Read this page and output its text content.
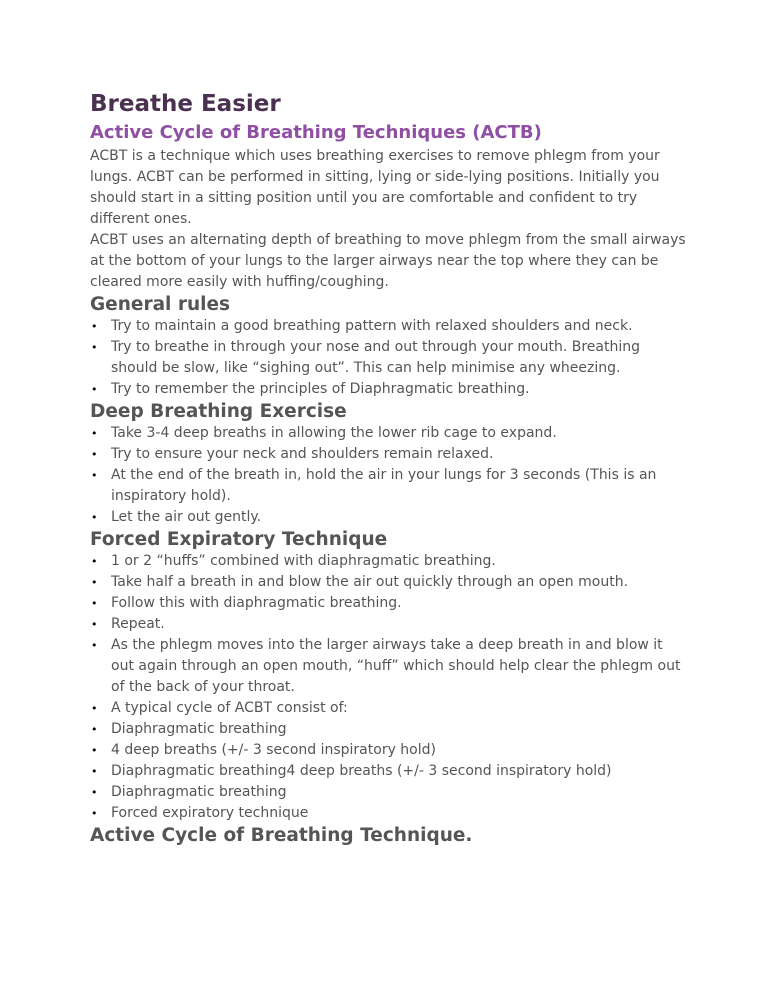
Breathe Easier
Active Cycle of Breathing Techniques (ACTB)

ACBT is a technique which uses breathing exercises to remove phlegm from your lungs. ACBT can be performed in sitting, lying or side-lying positions. Initially you should start in a sitting position until you are comfortable and confident to try different ones.

ACBT uses an alternating depth of breathing to move phlegm from the small airways at the bottom of your lungs to the larger airways near the top where they can be cleared more easily with huffing/coughing.

General rules
• Try to maintain a good breathing pattern with relaxed shoulders and neck.
• Try to breathe in through your nose and out through your mouth. Breathing should be slow, like “sighing out”. This can help minimise any wheezing.
• Try to remember the principles of Diaphragmatic breathing.
Deep Breathing Exercise
• Take 3-4 deep breaths in allowing the lower rib cage to expand.
• Try to ensure your neck and shoulders remain relaxed.
• At the end of the breath in, hold the air in your lungs for 3 seconds (This is an inspiratory hold).
• Let the air out gently.
Forced Expiratory Technique
• 1 or 2 “huffs” combined with diaphragmatic breathing.
• Take half a breath in and blow the air out quickly through an open mouth.
• Follow this with diaphragmatic breathing.
• Repeat.
• As the phlegm moves into the larger airways take a deep breath in and blow it out again through an open mouth, “huff” which should help clear the phlegm out of the back of your throat.
• A typical cycle of ACBT consist of:
• Diaphragmatic breathing
• 4 deep breaths (+/- 3 second inspiratory hold)
• Diaphragmatic breathing4 deep breaths (+/- 3 second inspiratory hold)
• Diaphragmatic breathing
• Forced expiratory technique
Active Cycle of Breathing Technique.
